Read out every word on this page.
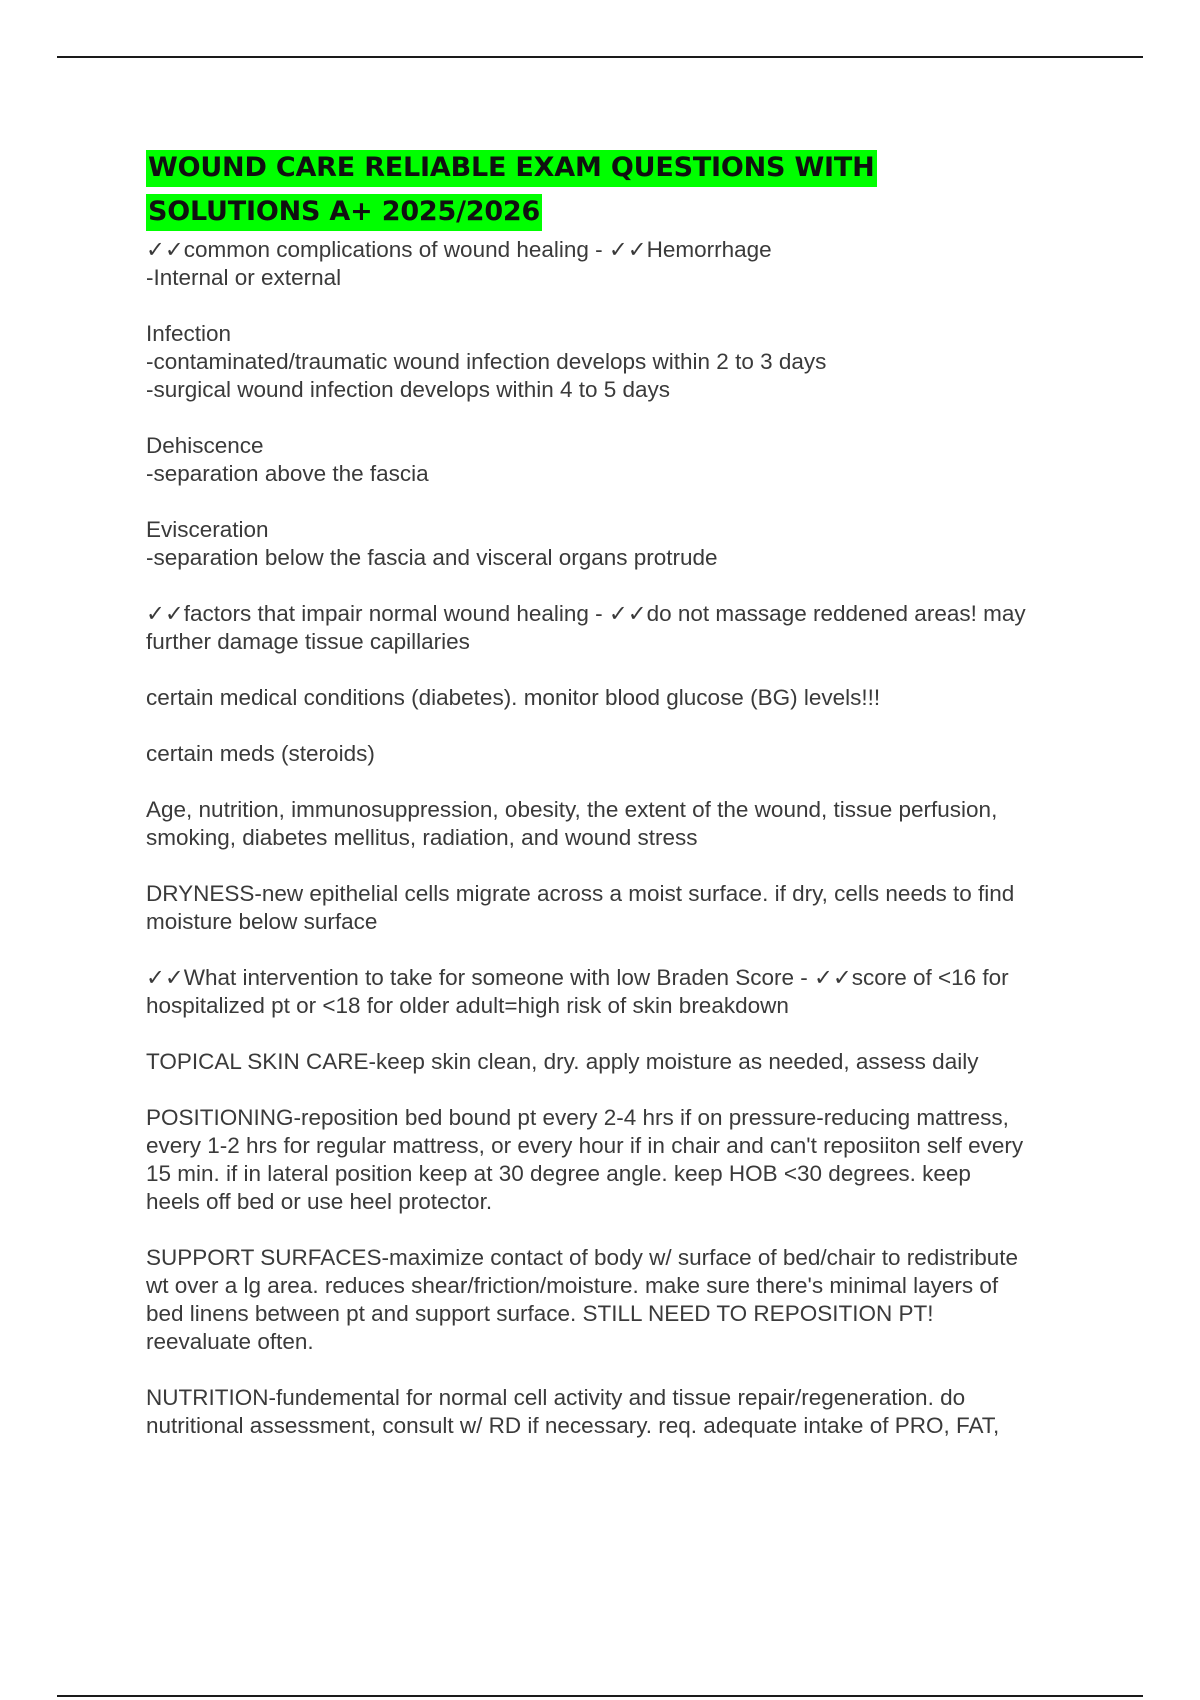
WOUND CARE RELIABLE EXAM QUESTIONS WITH
SOLUTIONS A+ 2025/2026

✓✓common complications of wound healing - ✓✓Hemorrhage
-Internal or external

Infection
-contaminated/traumatic wound infection develops within 2 to 3 days
-surgical wound infection develops within 4 to 5 days

Dehiscence
-separation above the fascia

Evisceration
-separation below the fascia and visceral organs protrude

✓✓factors that impair normal wound healing - ✓✓do not massage reddened areas! may
further damage tissue capillaries

certain medical conditions (diabetes). monitor blood glucose (BG) levels!!!

certain meds (steroids)

Age, nutrition, immunosuppression, obesity, the extent of the wound, tissue perfusion,
smoking, diabetes mellitus, radiation, and wound stress

DRYNESS-new epithelial cells migrate across a moist surface. if dry, cells needs to find
moisture below surface

✓✓What intervention to take for someone with low Braden Score - ✓✓score of <16 for
hospitalized pt or <18 for older adult=high risk of skin breakdown

TOPICAL SKIN CARE-keep skin clean, dry. apply moisture as needed, assess daily

POSITIONING-reposition bed bound pt every 2-4 hrs if on pressure-reducing mattress,
every 1-2 hrs for regular mattress, or every hour if in chair and can't reposiiton self every
15 min. if in lateral position keep at 30 degree angle. keep HOB <30 degrees. keep
heels off bed or use heel protector.

SUPPORT SURFACES-maximize contact of body w/ surface of bed/chair to redistribute
wt over a lg area. reduces shear/friction/moisture. make sure there's minimal layers of
bed linens between pt and support surface. STILL NEED TO REPOSITION PT!
reevaluate often.

NUTRITION-fundemental for normal cell activity and tissue repair/regeneration. do
nutritional assessment, consult w/ RD if necessary. req. adequate intake of PRO, FAT,
